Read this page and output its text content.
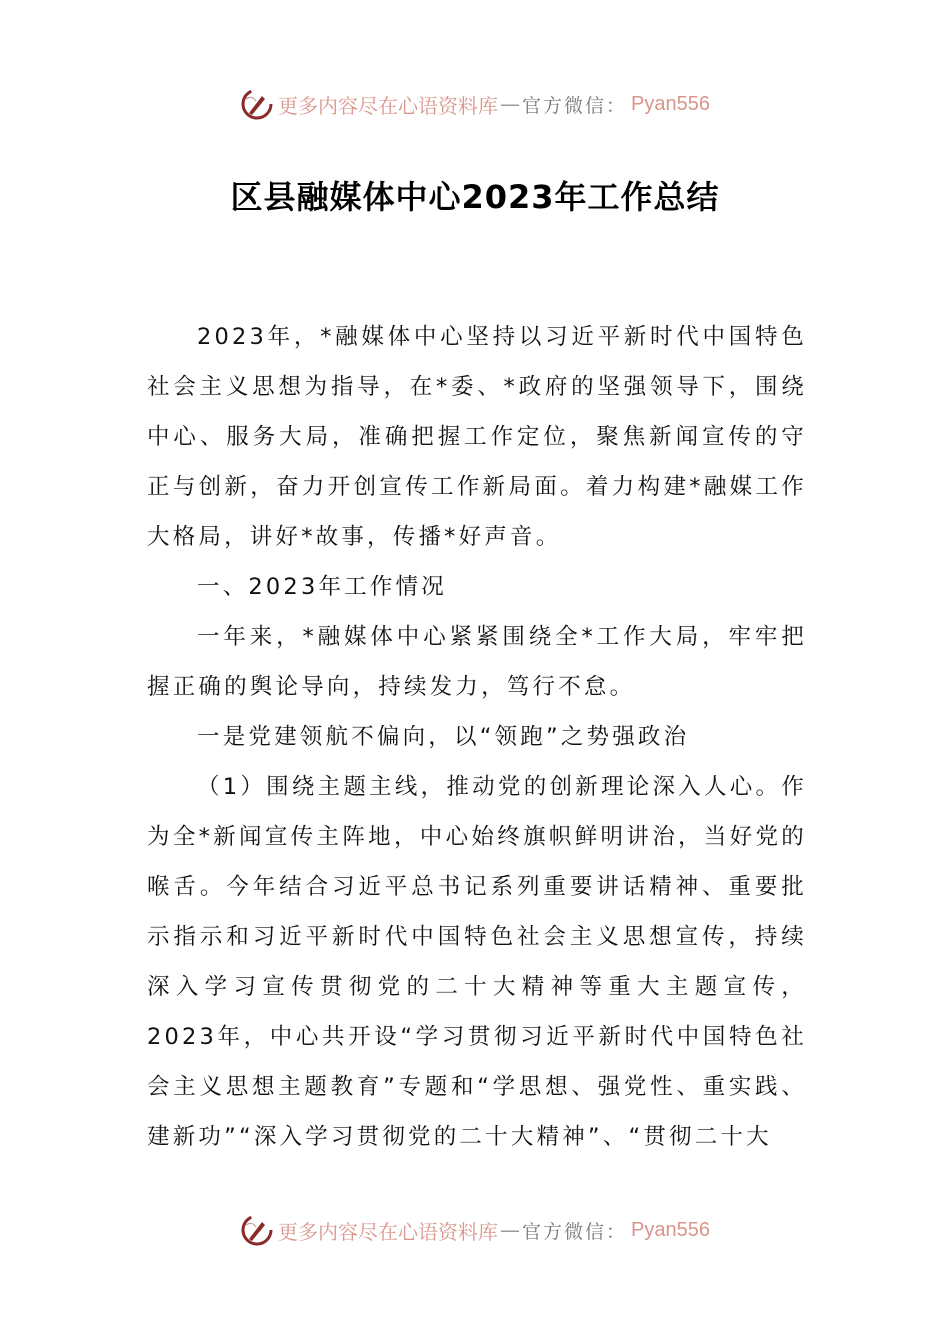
更多内容尽在心语资料库 — 官方微信： Pyan556
区县融媒体中心2023年工作总结

2023年，*融媒体中心坚持以习近平新时代中国特色社会主义思想为指导，在*委、*政府的坚强领导下，围绕中心、服务大局，准确把握工作定位，聚焦新闻宣传的守正与创新，奋力开创宣传工作新局面。着力构建*融媒工作大格局，讲好*故事，传播*好声音。

一、2023年工作情况

一年来，*融媒体中心紧紧围绕全*工作大局，牢牢把握正确的舆论导向，持续发力，笃行不怠。

一是党建领航不偏向，以“领跑”之势强政治

（1）围绕主题主线，推动党的创新理论深入人心。作为全*新闻宣传主阵地，中心始终旗帜鲜明讲治，当好党的喉舌。今年结合习近平总书记系列重要讲话精神、重要批示指示和习近平新时代中国特色社会主义思想宣传，持续深入学习宣传贯彻党的二十大精神等重大主题宣传，2023年，中心共开设“学习贯彻习近平新时代中国特色社会主义思想主题教育”专题和“学思想、强党性、重实践、建新功”“深入学习贯彻党的二十大精神”、“贯彻二十大

更多内容尽在心语资料库 — 官方微信： Pyan556
